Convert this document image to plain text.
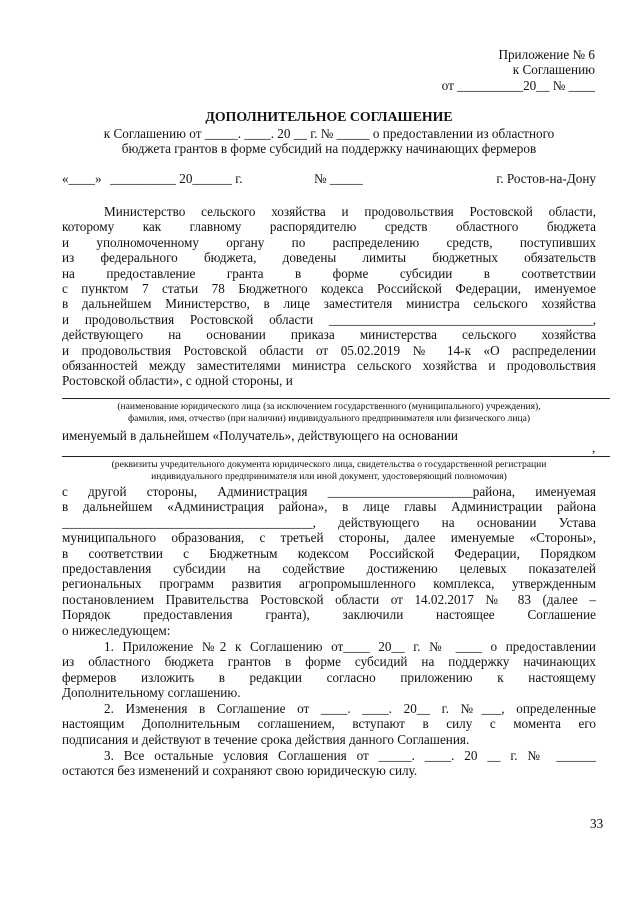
Приложение № 6
к Соглашению
от __________20__ № ____
ДОПОЛНИТЕЛЬНОЕ СОГЛАШЕНИЕ
к Соглашению от _____. ____. 20 __ г. № _____ о предоставлении из областного
бюджета грантов в форме субсидий на поддержку начинающих фермеров
«____» __________ 20______ г.	№ _____	г. Ростов-на-Дону

Министерство сельского хозяйства и продовольствия Ростовской области,

которому как главному распорядителю средств областного бюджета

и уполномоченному органу по распределению средств, поступивших

из федерального бюджета, доведены лимиты бюджетных обязательств

на предоставление гранта в форме субсидии в соответствии

с пунктом 7 статьи 78 Бюджетного кодекса Российской Федерации, именуемое

в дальнейшем Министерство, в лице заместителя министра сельского хозяйства

и продовольствия Ростовской области ________________________________________,

действующего на основании приказа министерства сельского хозяйства

и продовольствия Ростовской области от 05.02.2019 № 14-к «О распределении

обязанностей между заместителями министра сельского хозяйства и продовольствия

Ростовской области», с одной стороны, и

(наименование юридического лица (за исключением государственного (муниципального) учреждения),
фамилия, имя, отчество (при наличии) индивидуального предпринимателя или физического лица)

именуемый в дальнейшем «Получатель», действующего на основании

,
(реквизиты учредительного документа юридического лица, свидетельства о государственной регистрации
индивидуального предпринимателя или иной документ, удостоверяющий полномочия)

с другой стороны, Администрация ______________________района, именуемая

в дальнейшем «Администрация района», в лице главы Администрации района

______________________________________, действующего на основании Устава

муниципального образования, с третьей стороны, далее именуемые «Стороны»,

в соответствии с Бюджетным кодексом Российской Федерации, Порядком

предоставления субсидии на содействие достижению целевых показателей

региональных программ развития агропромышленного комплекса, утвержденным

постановлением Правительства Ростовской области от 14.02.2017 № 83 (далее –

Порядок предоставления гранта), заключили настоящее Соглашение

о нижеследующем:

1. Приложение №2 к Соглашению от____ 20__ г. № ____ о предоставлении

из областного бюджета грантов в форме субсидий на поддержку начинающих

фермеров изложить в редакции согласно приложению к настоящему

Дополнительному соглашению.

2. Изменения в Соглашение от ____. ____. 20__ г. №___, определенные

настоящим Дополнительным соглашением, вступают в силу с момента его

подписания и действуют в течение срока действия данного Соглашения.

3. Все остальные условия Соглашения от _____. ____. 20 __ г. № ______

остаются без изменений и сохраняют свою юридическую силу.

33
